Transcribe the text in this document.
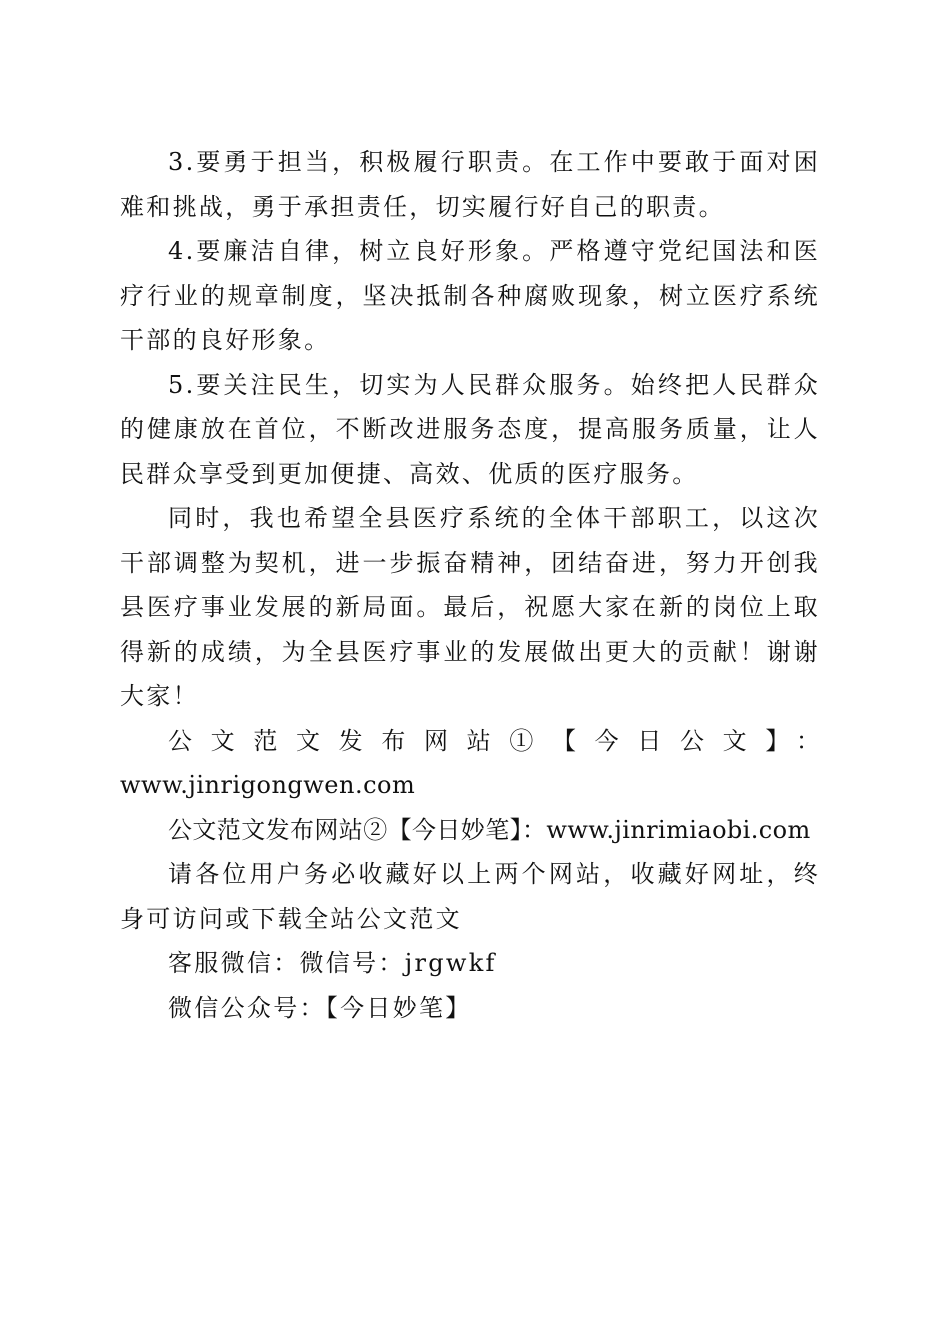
3.要勇于担当，积极履行职责。在工作中要敢于面对困难和挑战，勇于承担责任，切实履行好自己的职责。

4.要廉洁自律，树立良好形象。严格遵守党纪国法和医疗行业的规章制度，坚决抵制各种腐败现象，树立医疗系统干部的良好形象。

5.要关注民生，切实为人民群众服务。始终把人民群众的健康放在首位，不断改进服务态度，提高服务质量，让人民群众享受到更加便捷、高效、优质的医疗服务。

同时，我也希望全县医疗系统的全体干部职工，以这次干部调整为契机，进一步振奋精神，团结奋进，努力开创我县医疗事业发展的新局面。最后，祝愿大家在新的岗位上取得新的成绩，为全县医疗事业的发展做出更大的贡献！谢谢大家！

公文范文发布网站①【今日公文】：

www.jinrigongwen.com

公文范文发布网站②【今日妙笔】：www.jinrimiaobi.com

请各位用户务必收藏好以上两个网站，收藏好网址，终身可访问或下载全站公文范文

客服微信：微信号：jrgwkf

微信公众号：【今日妙笔】
